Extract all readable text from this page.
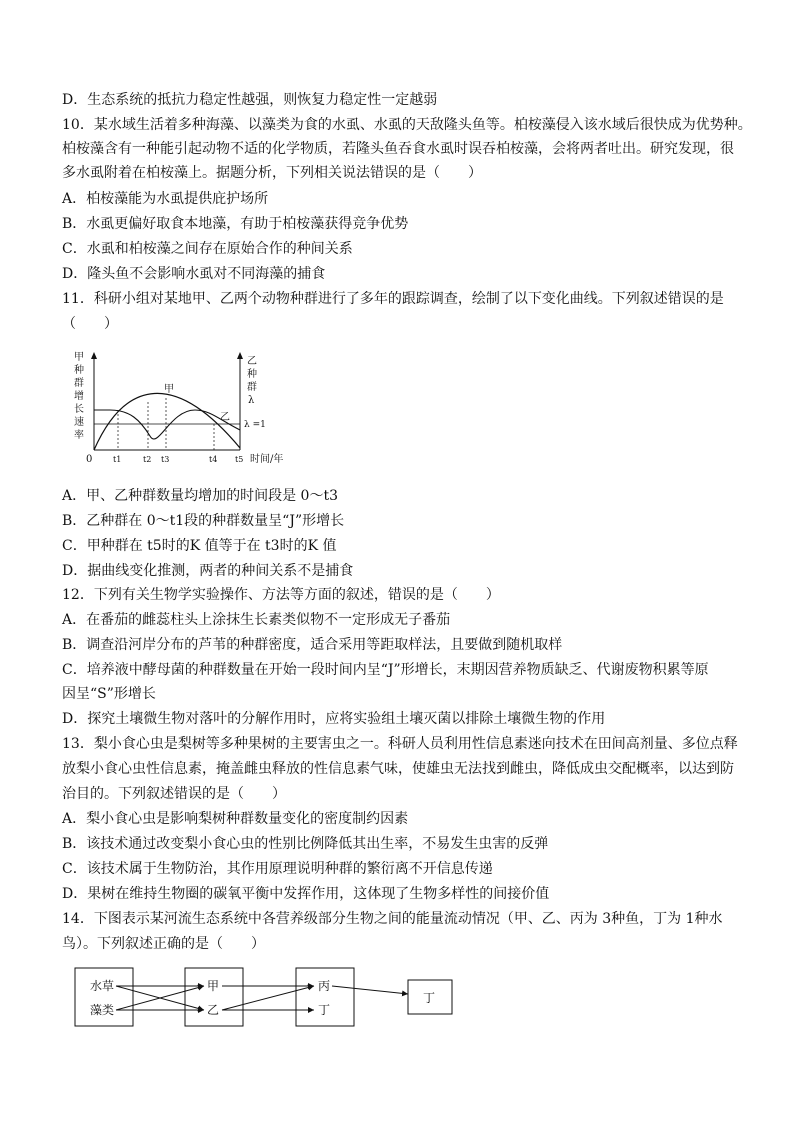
D．生态系统的抵抗力稳定性越强，则恢复力稳定性一定越弱
10．某水域生活着多种海藻、以藻类为食的水虱、水虱的天敌隆头鱼等。柏桉藻侵入该水域后很快成为优势种。
柏桉藻含有一种能引起动物不适的化学物质，若隆头鱼吞食水虱时误吞柏桉藻，会将两者吐出。研究发现，很
多水虱附着在柏桉藻上。据题分析，下列相关说法错误的是（　　）
A．柏桉藻能为水虱提供庇护场所
B．水虱更偏好取食本地藻，有助于柏桉藻获得竞争优势
C．水虱和柏桉藻之间存在原始合作的种间关系
D．隆头鱼不会影响水虱对不同海藻的捕食
11．科研小组对某地甲、乙两个动物种群进行了多年的跟踪调查，绘制了以下变化曲线。下列叙述错误的是
（　　）
甲
种
群
增
长
速
率
乙
种
群
λ
λ =1
甲
乙
0	t1	t2 t3	t4 t5 时间/年
A．甲、乙种群数量均增加的时间段是 0～t3
B．乙种群在 0～t1段的种群数量呈“J”形增长
C．甲种群在 t5时的K 值等于在 t3时的K 值
D．据曲线变化推测，两者的种间关系不是捕食
12．下列有关生物学实验操作、方法等方面的叙述，错误的是（　　）
A．在番茄的雌蕊柱头上涂抹生长素类似物不一定形成无子番茄
B．调查沿河岸分布的芦苇的种群密度，适合采用等距取样法，且要做到随机取样
C．培养液中酵母菌的种群数量在开始一段时间内呈“J”形增长，末期因营养物质缺乏、代谢废物积累等原
因呈“S”形增长
D．探究土壤微生物对落叶的分解作用时，应将实验组土壤灭菌以排除土壤微生物的作用
13．梨小食心虫是梨树等多种果树的主要害虫之一。科研人员利用性信息素迷向技术在田间高剂量、多位点释
放梨小食心虫性信息素，掩盖雌虫释放的性信息素气味，使雄虫无法找到雌虫，降低成虫交配概率，以达到防
治目的。下列叙述错误的是（　　）
A．梨小食心虫是影响梨树种群数量变化的密度制约因素
B．该技术通过改变梨小食心虫的性别比例降低其出生率，不易发生虫害的反弹
C．该技术属于生物防治，其作用原理说明种群的繁衍离不开信息传递
D．果树在维持生物圈的碳氧平衡中发挥作用，这体现了生物多样性的间接价值
14．下图表示某河流生态系统中各营养级部分生物之间的能量流动情况（甲、乙、丙为 3种鱼，丁为 1种水
鸟）。下列叙述正确的是（　　）
水草
藻类
甲
乙
丙
丁
丁
